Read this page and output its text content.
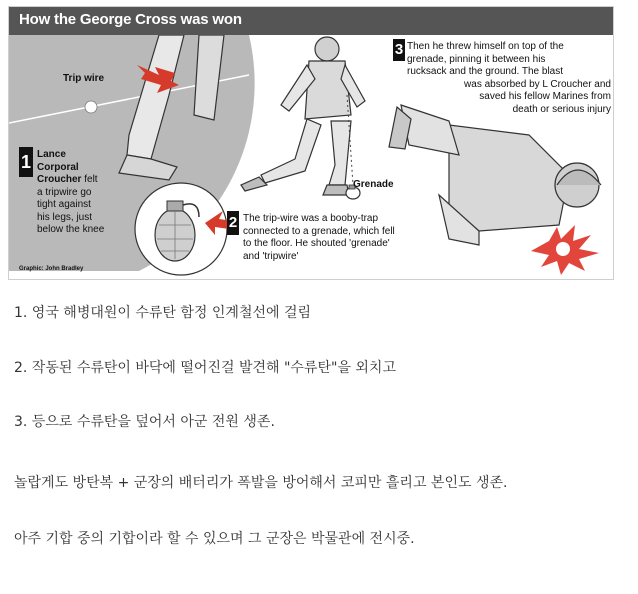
How the George Cross was won
Trip wire
Grenade
Graphic: John Bradley
1 Lance
Corporal
Croucher felt
a tripwire go
tight against
his legs, just
below the knee	2 The trip-wire was a booby-trap
connected to a grenade, which fell
to the floor. He shouted 'grenade'
and 'tripwire'
3 Then he threw himself on top of the
grenade, pinning it between his
rucksack and the ground. The blast
was absorbed by L Croucher and
saved his fellow Marines from
death or serious injury
1. 영국 해병대원이 수류탄 함정 인계철선에 걸림
2. 작동된 수류탄이 바닥에 떨어진걸 발견해 "수류탄"을 외치고
3. 등으로 수류탄을 덮어서 아군 전원 생존.
놀랍게도 방탄복 + 군장의 배터리가 폭발을 방어해서 코피만 흘리고 본인도 생존.
아주 기합 중의 기합이라 할 수 있으며 그 군장은 박물관에 전시중.
